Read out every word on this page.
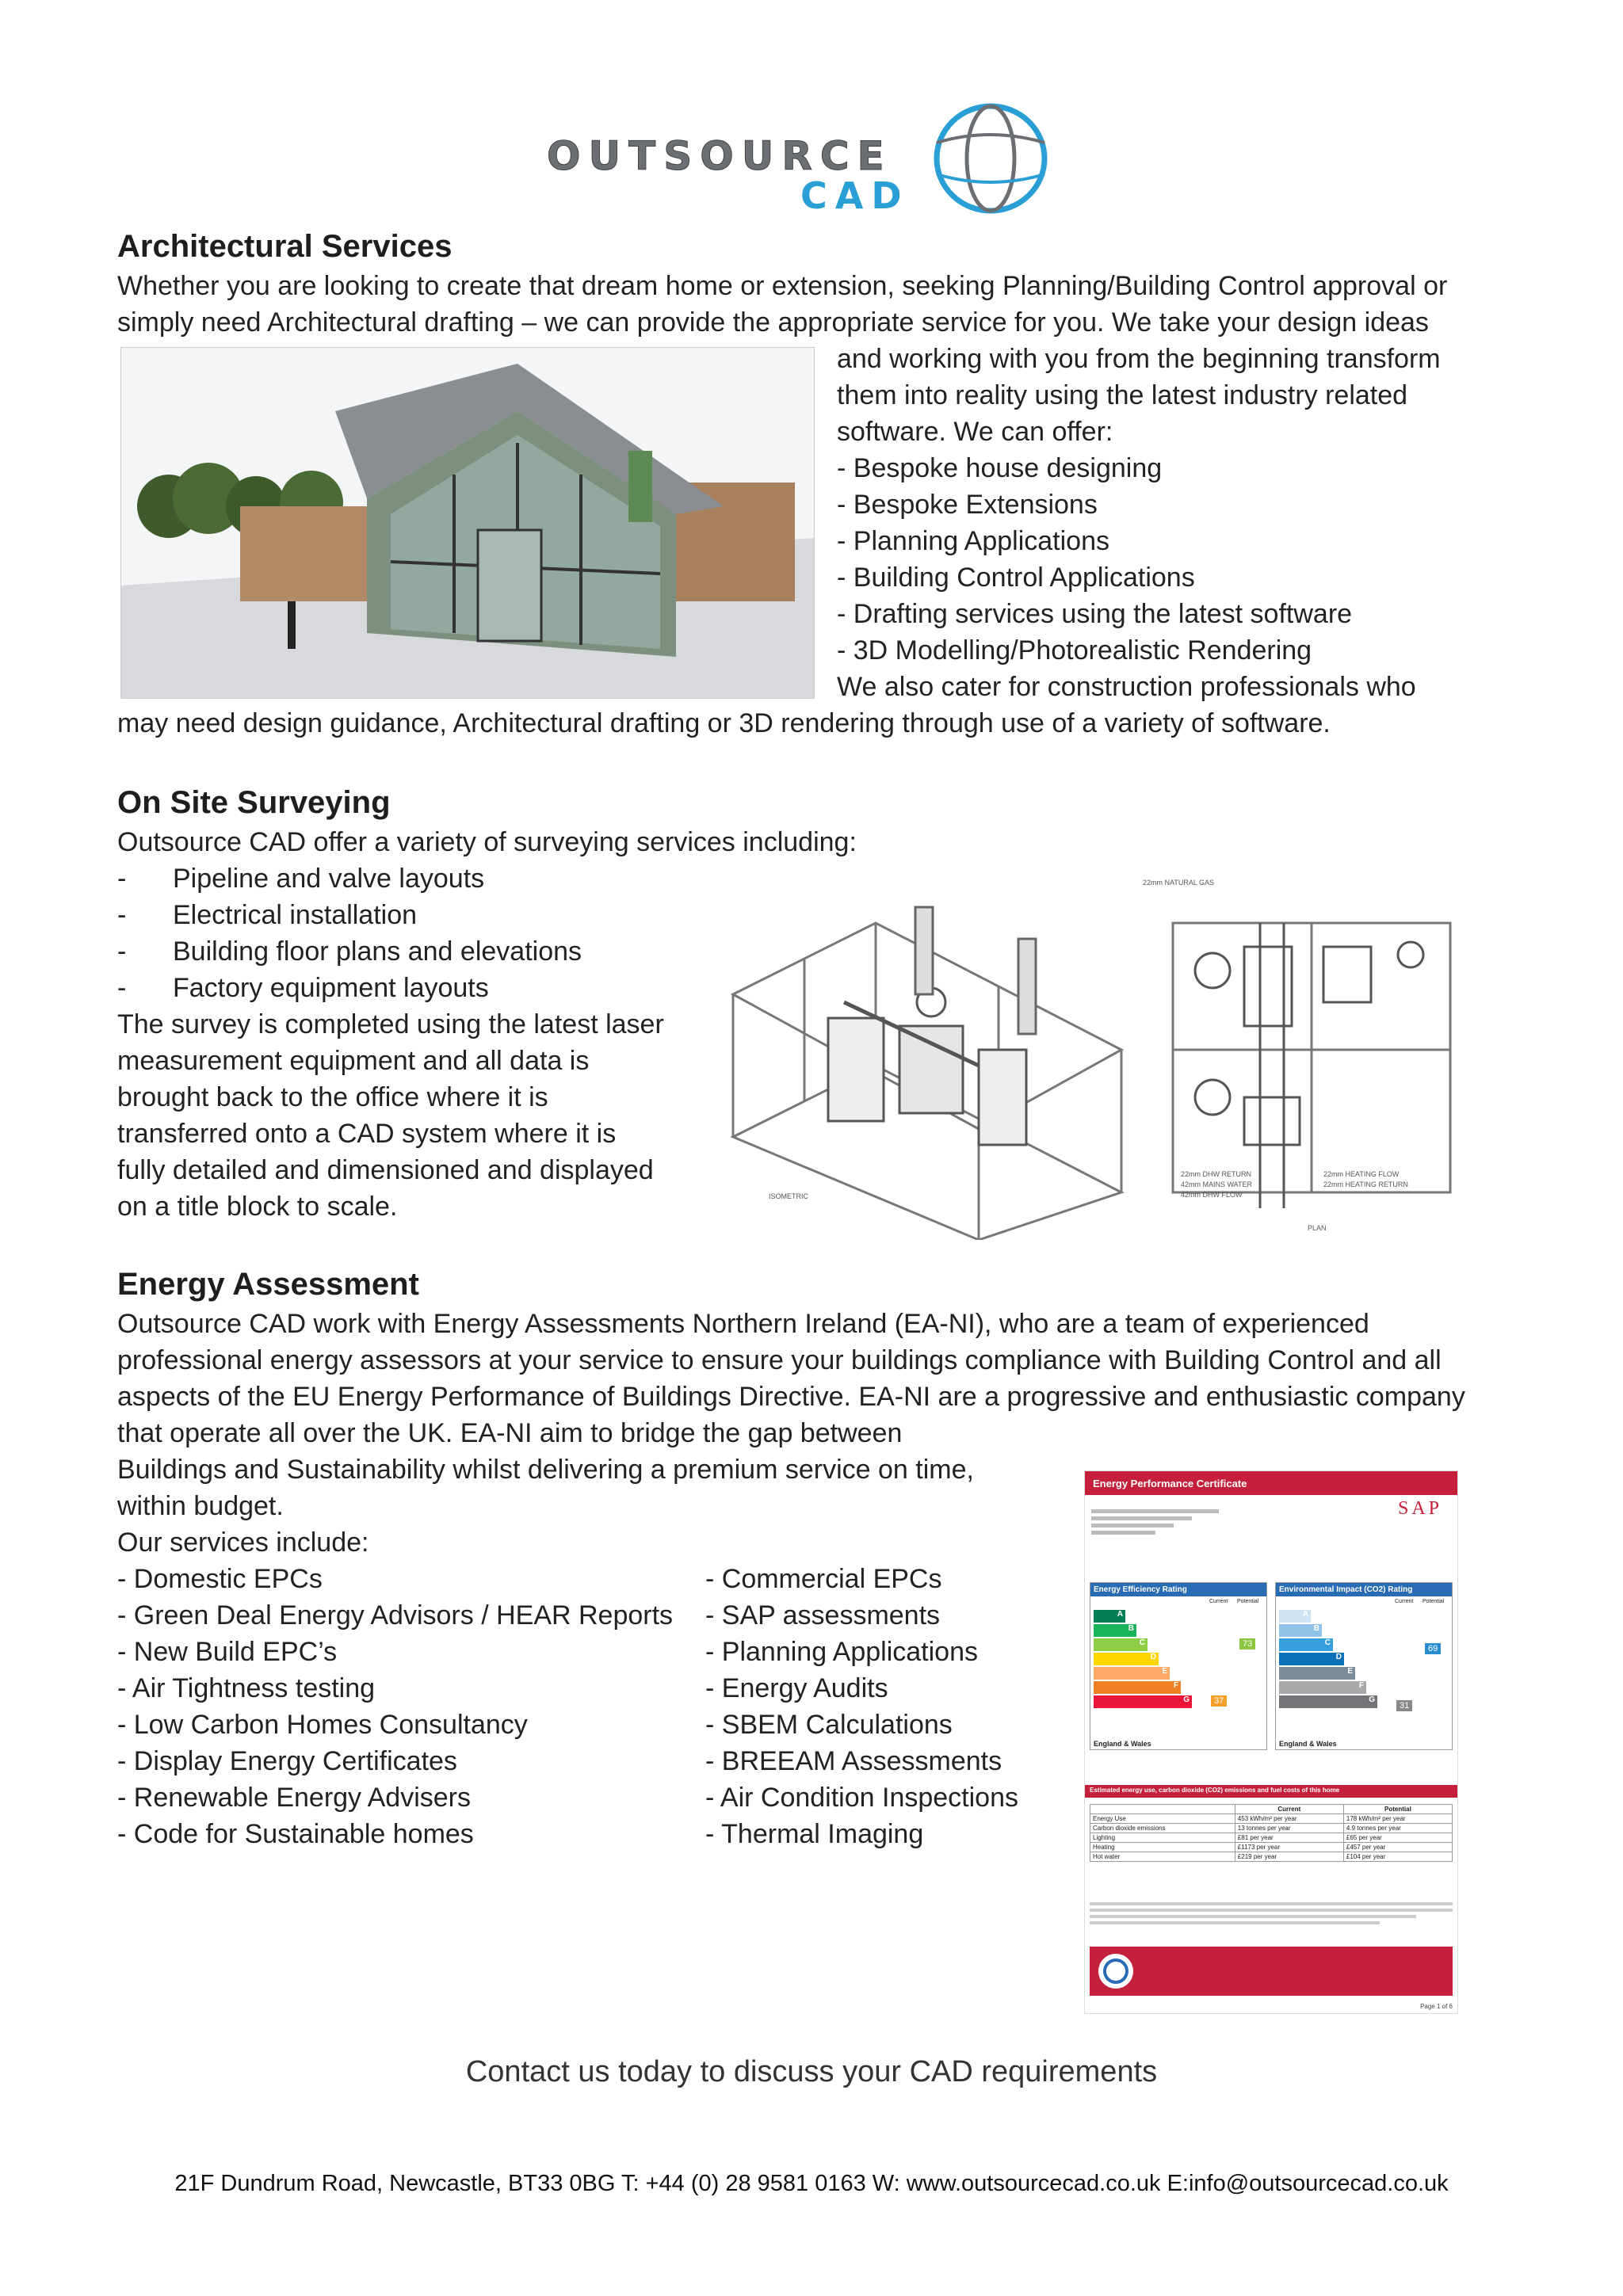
OUTSOURCE
CAD
Architectural Services
Whether you are looking to create that dream home or extension, seeking Planning/Building Control approval or
simply need Architectural drafting – we can provide the appropriate service for you. We take your design ideas
and working with you from the beginning transform
them into reality using the latest industry related
software. We can offer:
- Bespoke house designing
- Bespoke Extensions
- Planning Applications
- Building Control Applications
- Drafting services using the latest software
- 3D Modelling/Photorealistic Rendering
We also cater for construction professionals who
may need design guidance, Architectural drafting or 3D rendering through use of a variety of software.
On Site Surveying
Outsource CAD offer a variety of surveying services including:
- Pipeline and valve layouts
- Electrical installation
- Building floor plans and elevations
- Factory equipment layouts
The survey is completed using the latest laser
measurement equipment and all data is
brought back to the office where it is
transferred onto a CAD system where it is
fully detailed and dimensioned and displayed
on a title block to scale.	ISOMETRIC
22mm NATURAL GAS
22mm DHW RETURN
42mm MAINS WATER
42mm DHW FLOW
22mm HEATING FLOW
22mm HEATING RETURN
PLAN
Energy Assessment
Outsource CAD work with Energy Assessments Northern Ireland (EA-NI), who are a team of experienced
professional energy assessors at your service to ensure your buildings compliance with Building Control and all
aspects of the EU Energy Performance of Buildings Directive. EA-NI are a progressive and enthusiastic company
that operate all over the UK. EA-NI aim to bridge the gap between
Buildings and Sustainability whilst delivering a premium service on time,
within budget.
Our services include:
- Domestic EPCs
- Green Deal Energy Advisors / HEAR Reports
- New Build EPC’s
- Air Tightness testing
- Low Carbon Homes Consultancy
- Display Energy Certificates
- Renewable Energy Advisers
- Code for Sustainable homes
- Commercial EPCs
- SAP assessments
- Planning Applications
- Energy Audits
- SBEM Calculations
- BREEAM Assessments
- Air Condition Inspections
- Thermal Imaging
Energy Performance Certificate
SAP
Energy Efficiency Rating
Current Potential
A
B
C
D
E
F
G	37
73
England & Wales
Environmental Impact (CO2) Rating
Current Potential
A
B
C
D
E
F
G
31
69
England & Wales
Estimated energy use, carbon dioxide (CO2) emissions and fuel costs of this home
	Current	Potential
Energy Use	453 kWh/m² per year	178 kWh/m² per year
Carbon dioxide emissions	13 tonnes per year	4.9 tonnes per year
Lighting	£81 per year	£65 per year
Heating	£1173 per year	£457 per year
Hot water	£219 per year	£104 per year
Page 1 of 6
Contact us today to discuss your CAD requirements
21F Dundrum Road, Newcastle, BT33 0BG T: +44 (0) 28 9581 0163 W: www.outsourcecad.co.uk E:info@outsourcecad.co.uk
